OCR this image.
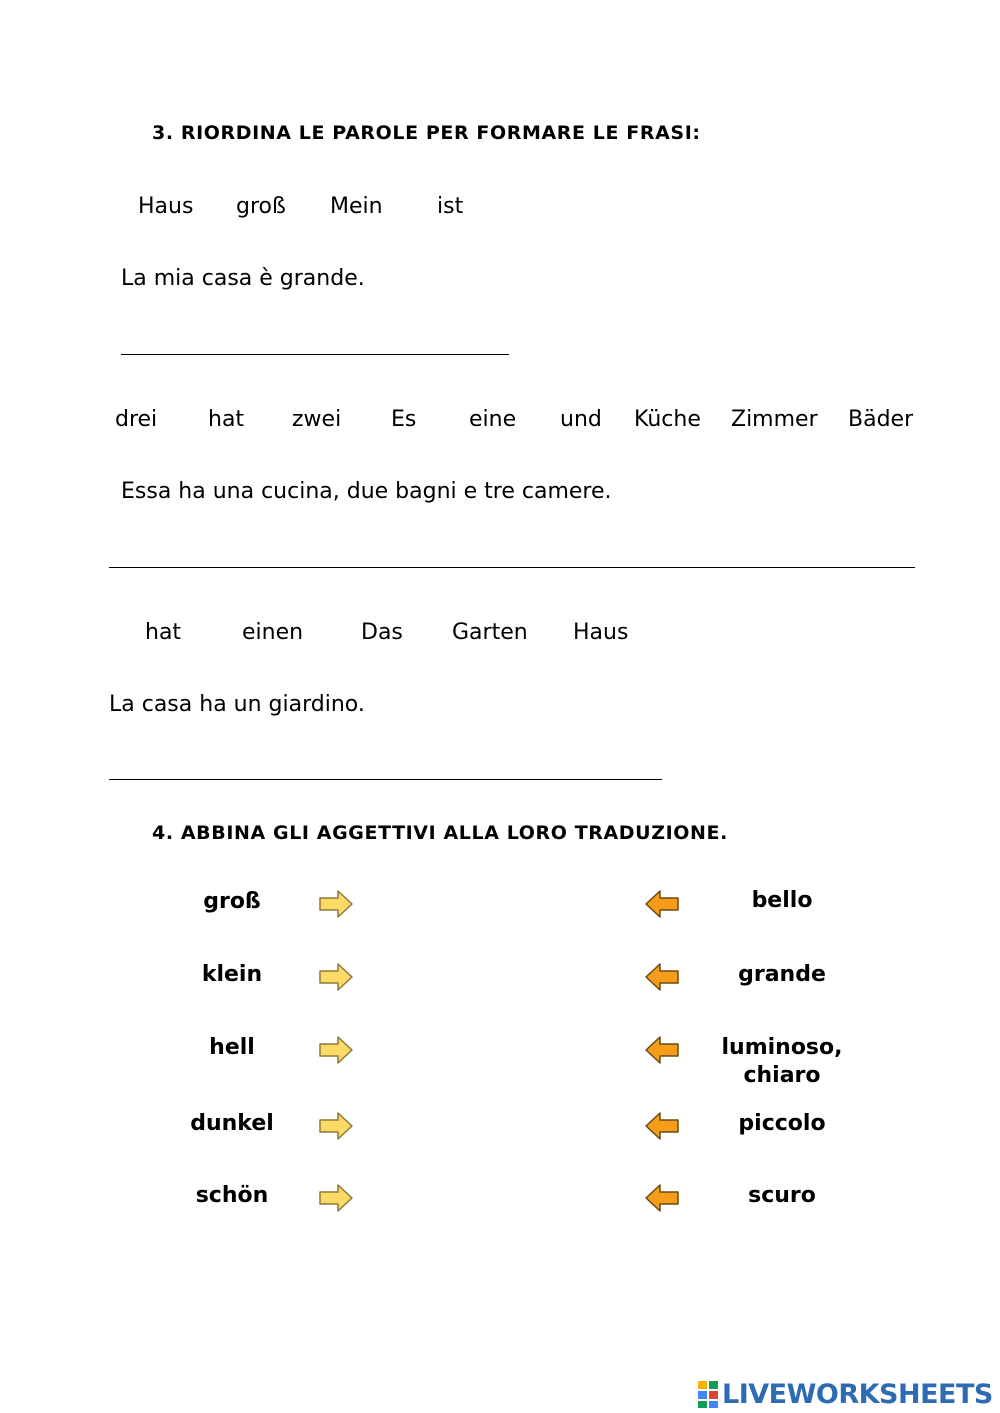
3. RIORDINA LE PAROLE PER FORMARE LE FRASI:
Haus groß Mein ist
La mia casa è grande.
drei hat zwei Es eine und Küche Zimmer Bäder
Essa ha una cucina, due bagni e tre camere.
hat	einen	Das Garten Haus
La casa ha un giardino.
4. ABBINA GLI AGGETTIVI ALLA LORO TRADUZIONE.
groß
klein
hell
dunkel
schön
bello
grande
luminoso, chiaro
piccolo
scuro
LIVEWORKSHEETS
